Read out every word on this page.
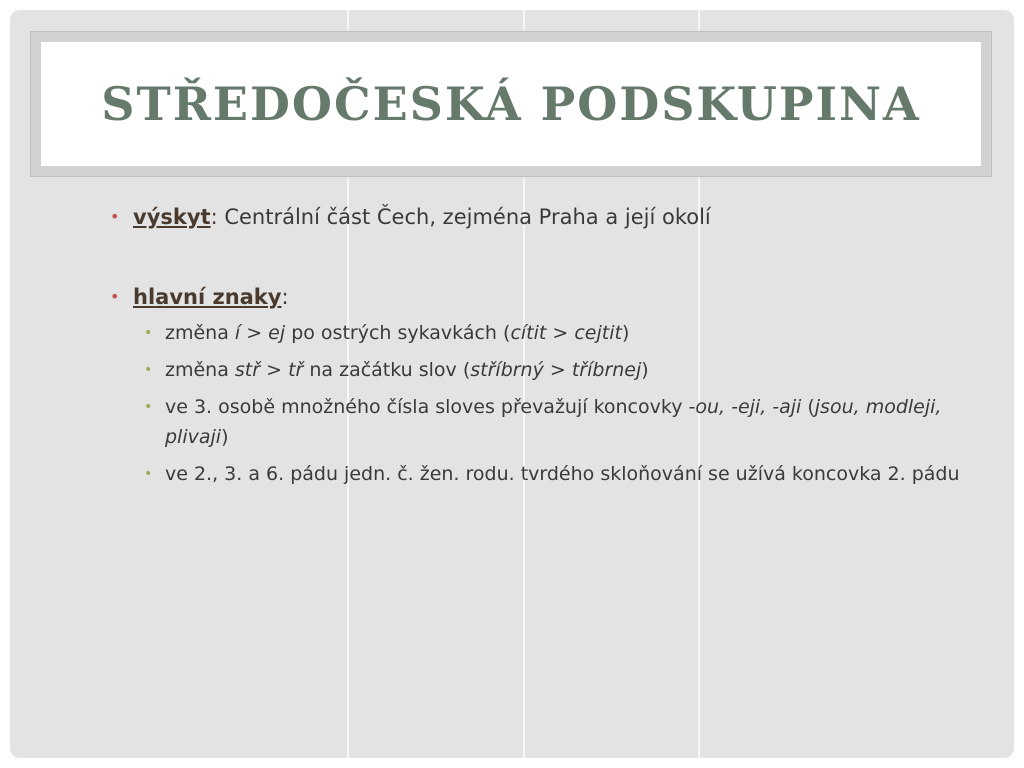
STŘEDOČESKÁ PODSKUPINA
• výskyt: Centrální část Čech, zejména Praha a její okolí
• hlavní znaky:
• změna í > ej po ostrých sykavkách (cítit > cejtit)
• změna stř > tř na začátku slov (stříbrný > tříbrnej)
• ve 3. osobě množného čísla sloves převažují koncovky -ou, -eji, -aji (jsou, modleji, plivaji)
• ve 2., 3. a 6. pádu jedn. č. žen. rodu. tvrdého skloňování se užívá koncovka 2. pádu
